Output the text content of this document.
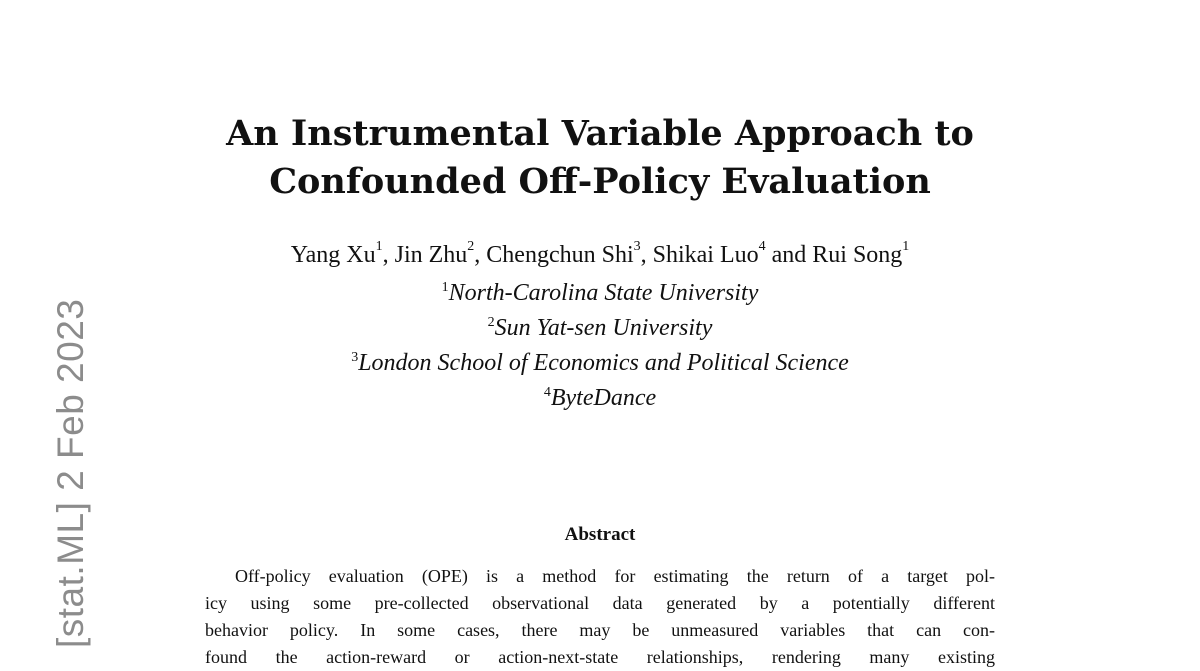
[stat.ML] 2 Feb 2023
An Instrumental Variable Approach to
Confounded Off-Policy Evaluation
Yang Xu$^1$, Jin Zhu$^2$, Chengchun Shi$^3$, Shikai Luo$^4$ and Rui Song$^1$
$^1$North-Carolina State University
$^2$Sun Yat-sen University
$^3$London School of Economics and Political Science
$^4$ByteDance
Abstract
Off-policy evaluation (OPE) is a method for estimating the return of a target pol-
icy using some pre-collected observational data generated by a potentially different
behavior policy. In some cases, there may be unmeasured variables that can con-
found the action-reward or action-next-state relationships, rendering many existing
